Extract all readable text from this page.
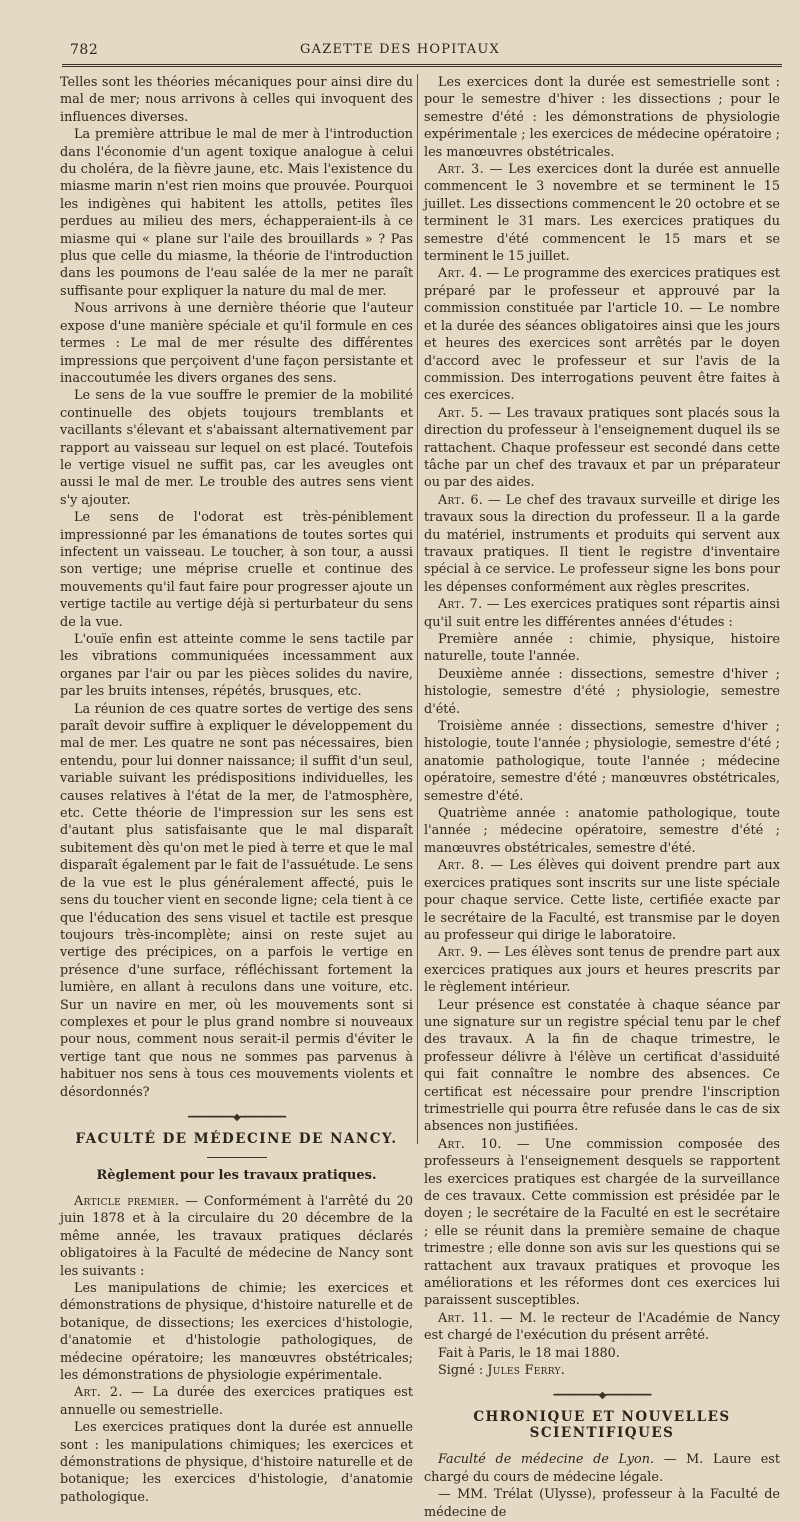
782	GAZETTE DES HOPITAUX

Telles sont les théories mécaniques pour ainsi dire du mal de mer; nous arrivons à celles qui invoquent des influences diverses.

La première attribue le mal de mer à l'introduction dans l'économie d'un agent toxique analogue à celui du choléra, de la fièvre jaune, etc. Mais l'existence du miasme marin n'est rien moins que prouvée. Pourquoi les indigènes qui habitent les attolls, petites îles perdues au milieu des mers, échapperaient-ils à ce miasme qui « plane sur l'aile des brouillards » ? Pas plus que celle du miasme, la théorie de l'introduction dans les poumons de l'eau salée de la mer ne paraît suffisante pour expliquer la nature du mal de mer.

Nous arrivons à une dernière théorie que l'auteur expose d'une manière spéciale et qu'il formule en ces termes : Le mal de mer résulte des différentes impressions que perçoivent d'une façon persistante et inaccoutumée les divers organes des sens.

Le sens de la vue souffre le premier de la mobilité continuelle des objets toujours tremblants et vacillants s'élevant et s'abaissant alternativement par rapport au vaisseau sur lequel on est placé. Toutefois le vertige visuel ne suffit pas, car les aveugles ont aussi le mal de mer. Le trouble des autres sens vient s'y ajouter.

Le sens de l'odorat est très-péniblement impressionné par les émanations de toutes sortes qui infectent un vaisseau. Le toucher, à son tour, a aussi son vertige; une méprise cruelle et continue des mouvements qu'il faut faire pour progresser ajoute un vertige tactile au vertige déjà si perturbateur du sens de la vue.

L'ouïe enfin est atteinte comme le sens tactile par les vibrations communiquées incessamment aux organes par l'air ou par les pièces solides du navire, par les bruits intenses, répétés, brusques, etc.

La réunion de ces quatre sortes de vertige des sens paraît devoir suffire à expliquer le développement du mal de mer. Les quatre ne sont pas nécessaires, bien entendu, pour lui donner naissance; il suffit d'un seul, variable suivant les prédispositions individuelles, les causes relatives à l'état de la mer, de l'atmosphère, etc. Cette théorie de l'impression sur les sens est d'autant plus satisfaisante que le mal disparaît subitement dès qu'on met le pied à terre et que le mal disparaît également par le fait de l'assuétude. Le sens de la vue est le plus généralement affecté, puis le sens du toucher vient en seconde ligne; cela tient à ce que l'éducation des sens visuel et tactile est presque toujours très-incomplète; ainsi on reste sujet au vertige des précipices, on a parfois le vertige en présence d'une surface, réfléchissant fortement la lumière, en allant à reculons dans une voiture, etc. Sur un navire en mer, où les mouvements sont si complexes et pour le plus grand nombre si nouveaux pour nous, comment nous serait-il permis d'éviter le vertige tant que nous ne sommes pas parvenus à habituer nos sens à tous ces mouvements violents et désordonnés?

━━━━━━━━━◆━━━━━━━━━
FACULTÉ DE MÉDECINE DE NANCY.
Règlement pour les travaux pratiques.

Article premier. — Conformément à l'arrêté du 20 juin 1878 et à la circulaire du 20 décembre de la même année, les travaux pratiques déclarés obligatoires à la Faculté de médecine de Nancy sont les suivants :

Les manipulations de chimie; les exercices et démonstrations de physique, d'histoire naturelle et de botanique, de dissections; les exercices d'histologie, d'anatomie et d'histologie pathologiques, de médecine opératoire; les manœuvres obstétricales; les démonstrations de physiologie expérimentale.

Art. 2. — La durée des exercices pratiques est annuelle ou semestrielle.

Les exercices pratiques dont la durée est annuelle sont : les manipulations chimiques; les exercices et démonstrations de physique, d'histoire naturelle et de botanique; les exercices d'histologie, d'anatomie pathologique.

Les exercices dont la durée est semestrielle sont : pour le semestre d'hiver : les dissections ; pour le semestre d'été : les démonstrations de physiologie expérimentale ; les exercices de médecine opératoire ; les manœuvres obstétricales.

Art. 3. — Les exercices dont la durée est annuelle commencent le 3 novembre et se terminent le 15 juillet. Les dissections commencent le 20 octobre et se terminent le 31 mars. Les exercices pratiques du semestre d'été commencent le 15 mars et se terminent le 15 juillet.

Art. 4. — Le programme des exercices pratiques est préparé par le professeur et approuvé par la commission constituée par l'article 10. — Le nombre et la durée des séances obligatoires ainsi que les jours et heures des exercices sont arrêtés par le doyen d'accord avec le professeur et sur l'avis de la commission. Des interrogations peuvent être faites à ces exercices.

Art. 5. — Les travaux pratiques sont placés sous la direction du professeur à l'enseignement duquel ils se rattachent. Chaque professeur est secondé dans cette tâche par un chef des travaux et par un préparateur ou par des aides.

Art. 6. — Le chef des travaux surveille et dirige les travaux sous la direction du professeur. Il a la garde du matériel, instruments et produits qui servent aux travaux pratiques. Il tient le registre d'inventaire spécial à ce service. Le professeur signe les bons pour les dépenses conformément aux règles prescrites.

Art. 7. — Les exercices pratiques sont répartis ainsi qu'il suit entre les différentes années d'études :

Première année : chimie, physique, histoire naturelle, toute l'année.

Deuxième année : dissections, semestre d'hiver ; histologie, semestre d'été ; physiologie, semestre d'été.

Troisième année : dissections, semestre d'hiver ; histologie, toute l'année ; physiologie, semestre d'été ; anatomie pathologique, toute l'année ; médecine opératoire, semestre d'été ; manœuvres obstétricales, semestre d'été.

Quatrième année : anatomie pathologique, toute l'année ; médecine opératoire, semestre d'été ; manœuvres obstétricales, semestre d'été.

Art. 8. — Les élèves qui doivent prendre part aux exercices pratiques sont inscrits sur une liste spéciale pour chaque service. Cette liste, certifiée exacte par le secrétaire de la Faculté, est transmise par le doyen au professeur qui dirige le laboratoire.

Art. 9. — Les élèves sont tenus de prendre part aux exercices pratiques aux jours et heures prescrits par le règlement intérieur.

Leur présence est constatée à chaque séance par une signature sur un registre spécial tenu par le chef des travaux. A la fin de chaque trimestre, le professeur délivre à l'élève un certificat d'assiduité qui fait connaître le nombre des absences. Ce certificat est nécessaire pour prendre l'inscription trimestrielle qui pourra être refusée dans le cas de six absences non justifiées.

Art. 10. — Une commission composée des professeurs à l'enseignement desquels se rapportent les exercices pratiques est chargée de la surveillance de ces travaux. Cette commission est présidée par le doyen ; le secrétaire de la Faculté en est le secrétaire ; elle se réunit dans la première semaine de chaque trimestre ; elle donne son avis sur les questions qui se rattachent aux travaux pratiques et provoque les améliorations et les réformes dont ces exercices lui paraissent susceptibles.

Art. 11. — M. le recteur de l'Académie de Nancy est chargé de l'exécution du présent arrêté.

Fait à Paris, le 18 mai 1880.

Signé : Jules Ferry.

━━━━━━━━━◆━━━━━━━━━
CHRONIQUE ET NOUVELLES SCIENTIFIQUES

Faculté de médecine de Lyon. — M. Laure est chargé du cours de médecine légale.

— MM. Trélat (Ulysse), professeur à la Faculté de médecine de
